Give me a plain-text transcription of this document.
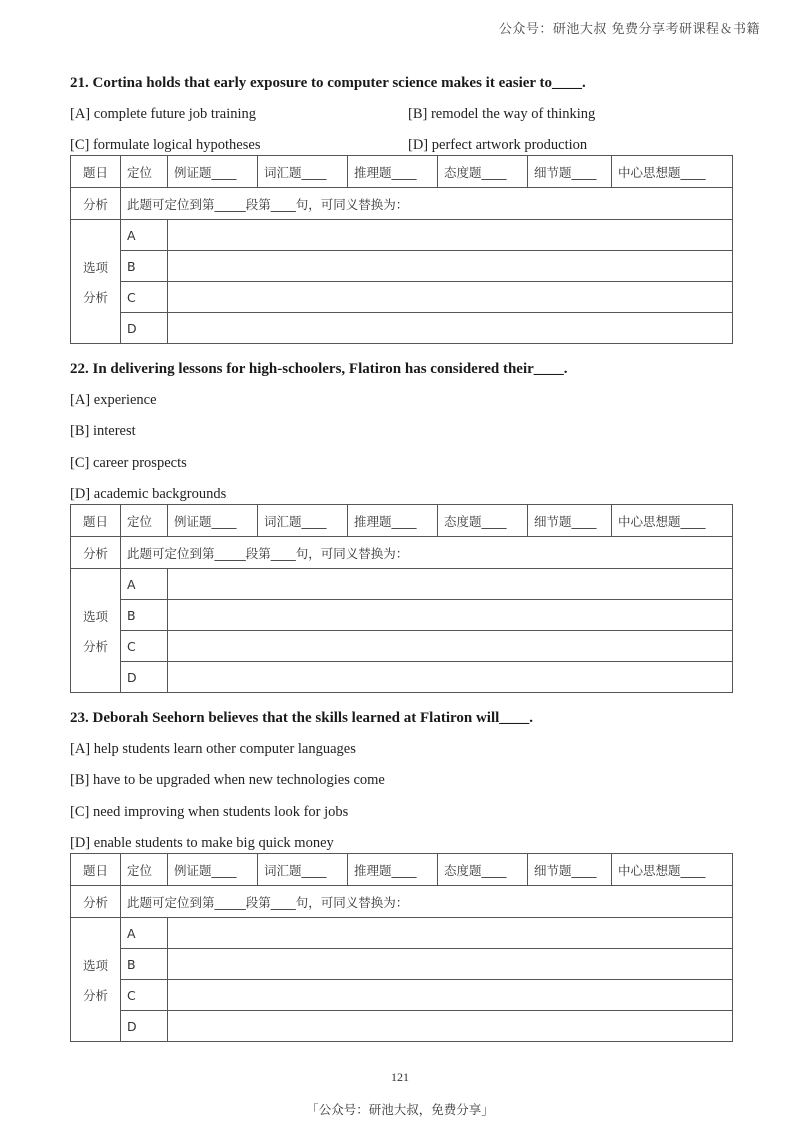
公众号：研池大叔 免费分享考研课程＆书籍

21. Cortina holds that early exposure to computer science makes it easier to____.

[A] complete future job training	[B] remodel the way of thinking
[C] formulate logical hypotheses	[D] perfect artwork production
题日	定位	例证题____	词汇题____	推理题____	态度题____	细节题____	中心思想题____
分析	此题可定位到第_____段第____句，可同义替换为：						

选项
分析	A						
	B						
	C						
	D						

22. In delivering lessons for high-schoolers, Flatiron has considered their____.

[A] experience
[B] interest
[C] career prospects
[D] academic backgrounds
题日	定位	例证题____	词汇题____	推理题____	态度题____	细节题____	中心思想题____
分析	此题可定位到第_____段第____句，可同义替换为：						

选项
分析	A						
	B						
	C						
	D						

23. Deborah Seehorn believes that the skills learned at Flatiron will____.

[A] help students learn other computer languages
[B] have to be upgraded when new technologies come
[C] need improving when students look for jobs
[D] enable students to make big quick money
题日	定位	例证题____	词汇题____	推理题____	态度题____	细节题____	中心思想题____
分析	此题可定位到第_____段第____句，可同义替换为：						

选项
分析	A						
	B						
	C						
	D						
121
「公众号：研池大叔，免费分享」
